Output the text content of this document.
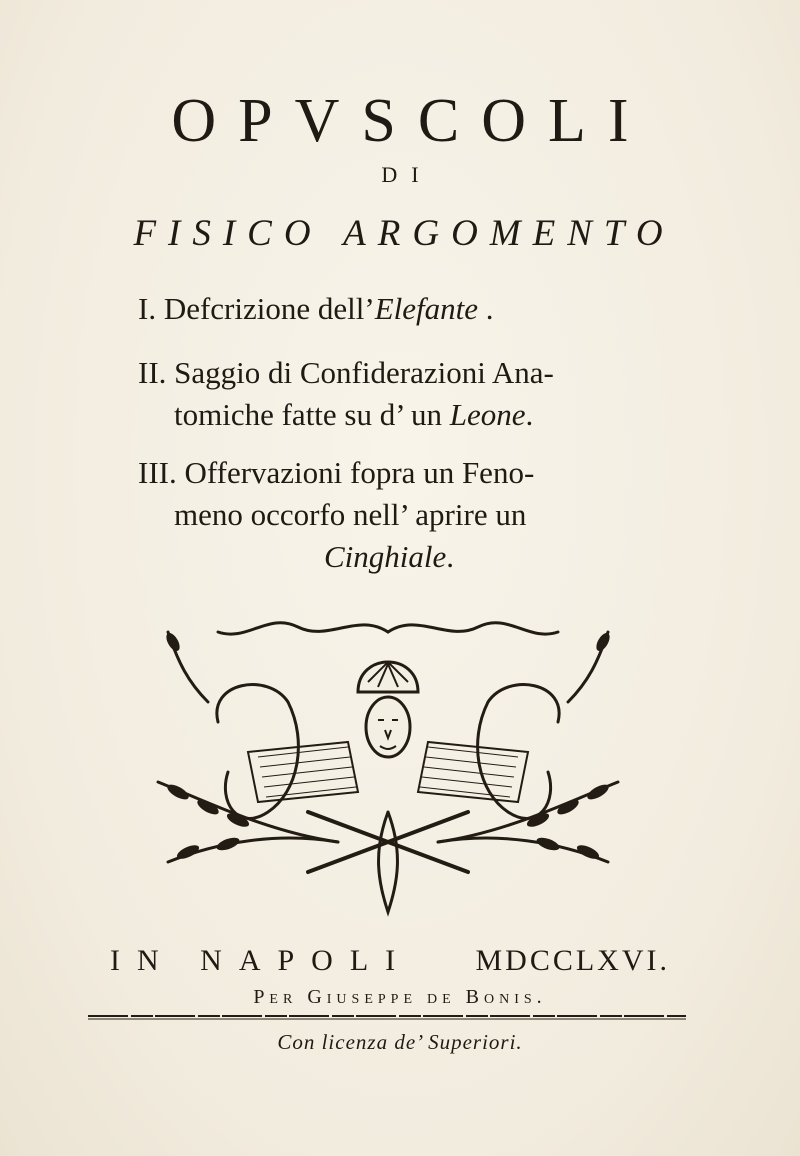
OPVSCOLI
DI
FISICO ARGOMENTO
I. Defcrizione dell’Elefante .
II. Saggio di Confiderazioni Ana-
tomiche fatte su d’ un Leone.
III. Offervazioni fopra un Feno-
meno occorfo nell’ aprire un
Cinghiale.
IN NAPOLI MDCCLXVI.
Per Giuseppe de Bonis.
Con licenza de’ Superiori.
